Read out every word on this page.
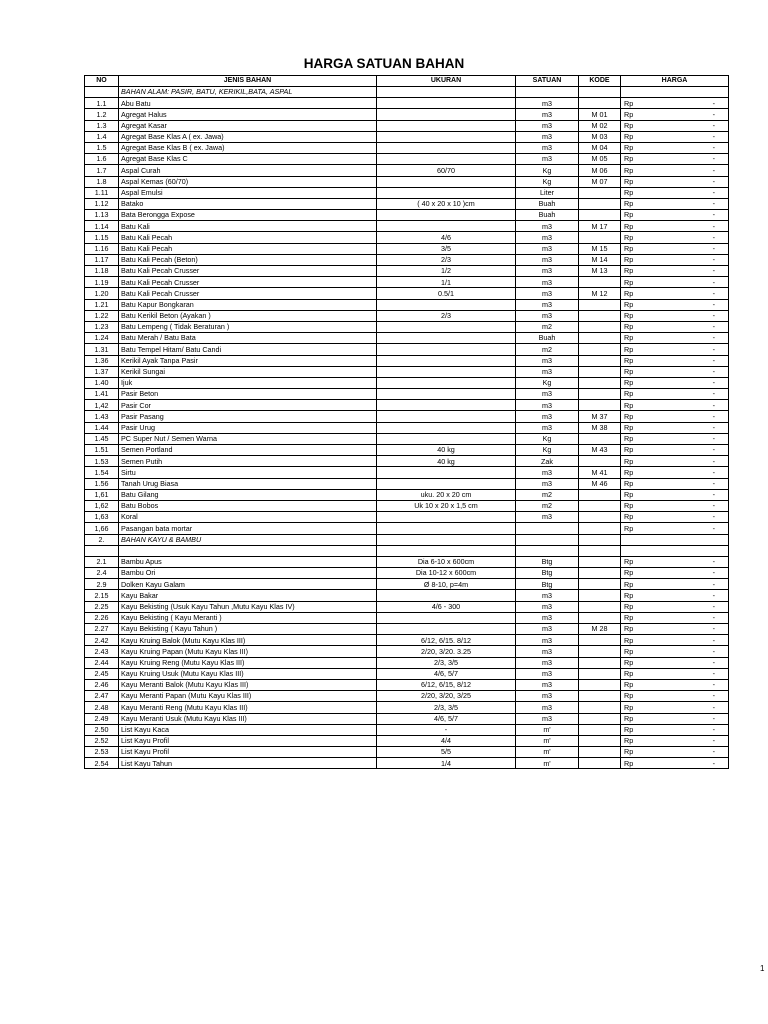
HARGA SATUAN BAHAN
NO	JENIS BAHAN	UKURAN	SATUAN	KODE	HARGA
	BAHAN ALAM: PASIR, BATU, KERIKIL,BATA, ASPAL				
1.1	Abu Batu		m3		Rp -

1.2	Agregat Halus		m3	M 01	Rp -

1.3	Agregat Kasar		m3	M 02	Rp -

1.4	Agregat Base Klas A ( ex. Jawa)		m3	M 03	Rp -

1.5	Agregat Base Klas B ( ex. Jawa)		m3	M 04	Rp -

1.6	Agregat Base Klas C		m3	M 05	Rp -

1.7	Aspal Curah	60/70	Kg	M 06	Rp -

1.8	Aspal Kemas (60/70)		Kg	M 07	Rp -

1.11	Aspal Emulsi		Liter		Rp -

1.12	Batako	( 40 x 20 x 10 )cm	Buah		Rp -

1.13	Bata Berongga Expose		Buah		Rp -

1.14	Batu Kali		m3	M 17	Rp -

1.15	Batu Kali Pecah	4/6	m3		Rp -

1.16	Batu Kali Pecah	3/5	m3	M 15	Rp -

1.17	Batu Kali Pecah (Beton)	2/3	m3	M 14	Rp -

1.18	Batu Kali Pecah Crusser	1/2	m3	M 13	Rp -

1.19	Batu Kali Pecah Crusser	1/1	m3		Rp -

1.20	Batu Kali Pecah Crusser	0.5/1	m3	M 12	Rp -

1.21	Batu Kapur Bongkaran		m3		Rp -

1.22	Batu Kerikil Beton (Ayakan )	2/3	m3		Rp -

1.23	Batu Lempeng ( Tidak Beraturan )		m2		Rp -

1.24	Batu Merah / Batu Bata		Buah		Rp -

1.31	Batu Tempel Hitam/ Batu Candi		m2		Rp -

1.36	Kerikil Ayak Tanpa Pasir		m3		Rp -

1.37	Kerikil Sungai		m3		Rp -

1.40	Ijuk		Kg		Rp -

1.41	Pasir Beton		m3		Rp -

1,42	Pasir Cor		m3		Rp -

1.43	Pasir Pasang		m3	M 37	Rp -

1.44	Pasir Urug		m3	M 38	Rp -

1.45	PC Super Nut / Semen Warna		Kg		Rp -

1.51	Semen Portland	40 kg	Kg	M 43	Rp -

1.53	Semen Putih	40 kg	Zak		Rp -

1.54	Sirtu		m3	M 41	Rp -

1.56	Tanah Urug Biasa		m3	M 46	Rp -

1,61	Batu Gilang	uku. 20 x 20 cm	m2		Rp -

1,62	Batu Bobos	Uk 10 x 20 x 1,5 cm	m2		Rp -

1,63	Koral		m3		Rp -

1,66	Pasangan bata mortar				Rp -

2.	BAHAN KAYU & BAMBU				

2.1	Bambu Apus	Dia 6-10 x 600cm	Btg		Rp -

2.4	Bambu Ori	Dia 10-12 x 600cm	Btg		Rp -

2.9	Dolken Kayu Galam	Ø 8-10, p=4m	Btg		Rp -

2.15	Kayu Bakar		m3		Rp -

2.25	Kayu Bekisting (Usuk Kayu Tahun ,Mutu Kayu Klas IV)	4/6 - 300	m3		Rp -

2.26	Kayu Bekisting ( Kayu Meranti )		m3		Rp -

2.27	Kayu Bekisting ( Kayu Tahun )		m3	M 28	Rp -

2.42	Kayu Kruing Balok (Mutu Kayu Klas III)	6/12, 6/15. 8/12	m3		Rp -

2.43	Kayu Kruing Papan (Mutu Kayu Klas III)	2/20, 3/20. 3.25	m3		Rp -

2.44	Kayu Kruing Reng (Mutu Kayu Klas III)	2/3, 3/5	m3		Rp -

2.45	Kayu Kruing Usuk (Mutu Kayu Klas III)	4/6, 5/7	m3		Rp -

2.46	Kayu Meranti Balok (Mutu Kayu Klas III)	6/12, 6/15, 8/12	m3		Rp -

2.47	Kayu Meranti Papan (Mutu Kayu Klas III)	2/20, 3/20, 3/25	m3		Rp -

2.48	Kayu Meranti Reng (Mutu Kayu Klas III)	2/3, 3/5	m3		Rp -

2.49	Kayu Meranti Usuk (Mutu Kayu Klas III)	4/6, 5/7	m3		Rp -

2.50	List Kayu Kaca	-	m'		Rp -

2.52	List Kayu Profil	4/4	m'		Rp -

2.53	List Kayu Profil	5/5	m'		Rp -

2.54	List Kayu Tahun	1/4	m'		Rp -
1
